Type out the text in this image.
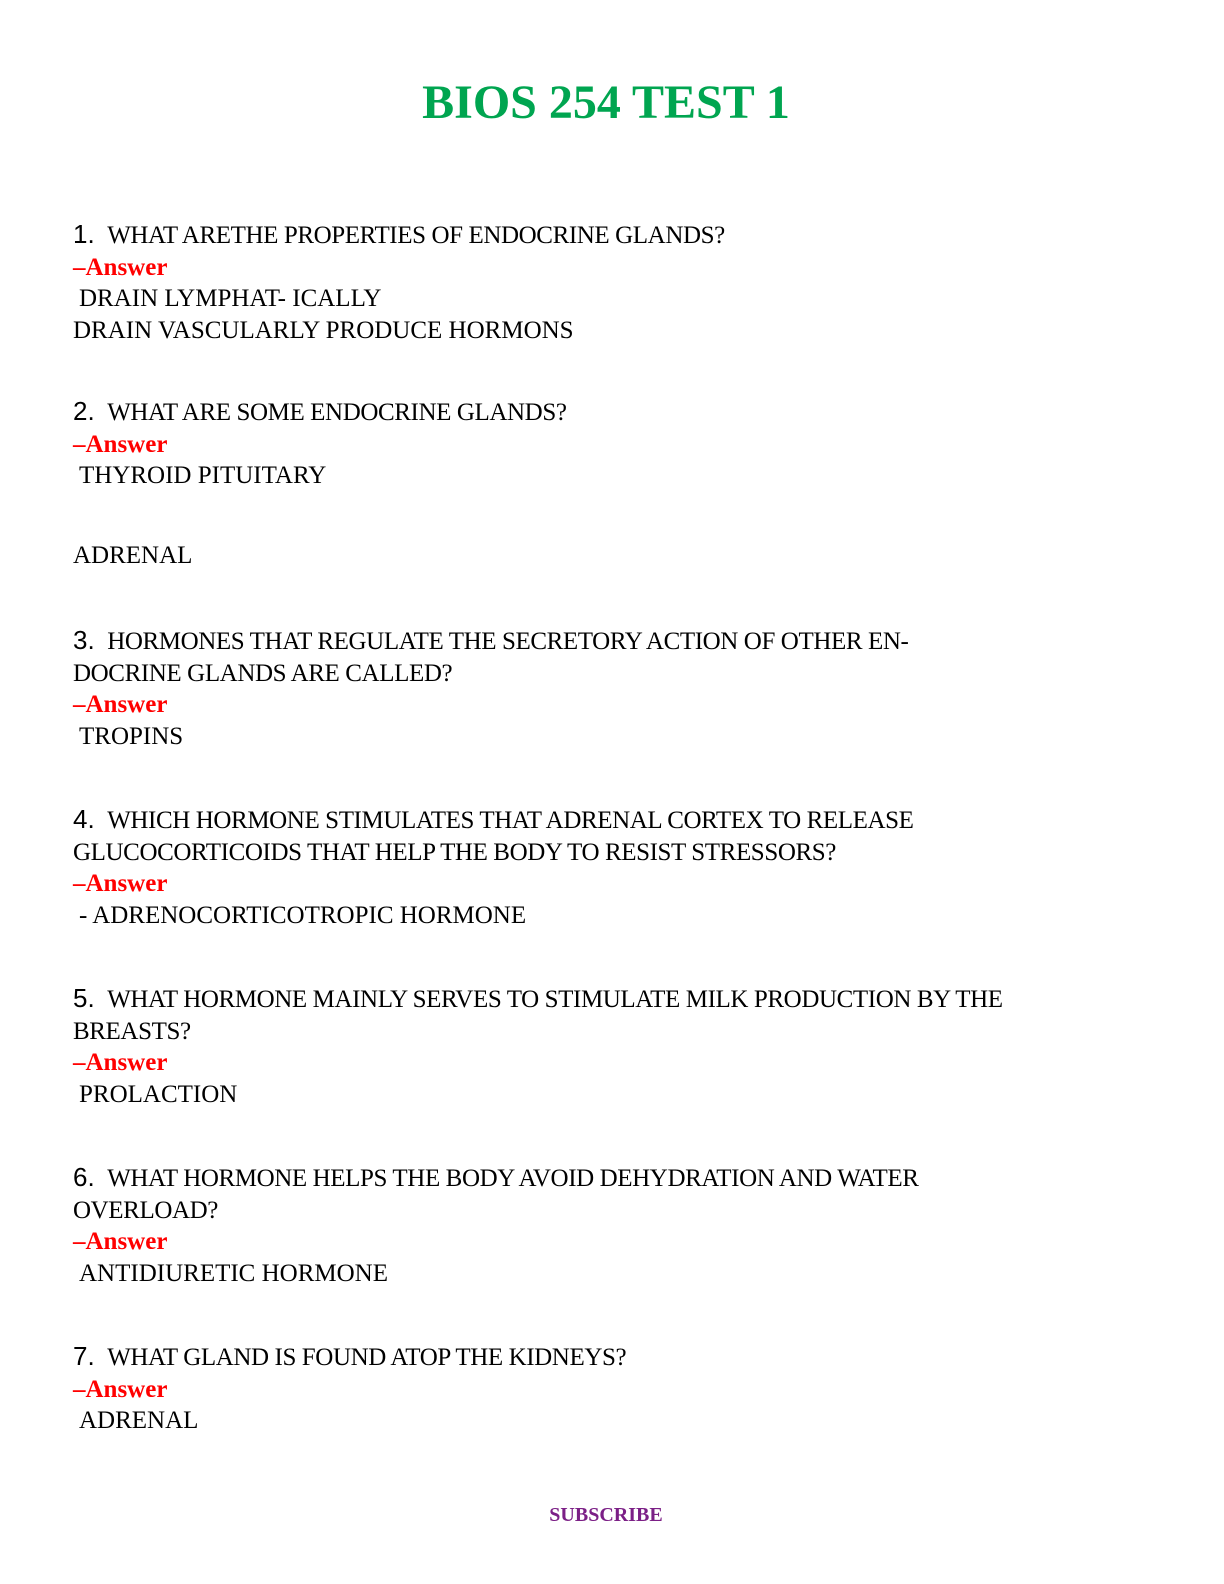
BIOS 254 TEST 1

1. WHAT ARETHE PROPERTIES OF ENDOCRINE GLANDS?

–Answer

DRAIN LYMPHAT- ICALLY

DRAIN VASCULARLY PRODUCE HORMONS

2. WHAT ARE SOME ENDOCRINE GLANDS?

–Answer

THYROID PITUITARY

ADRENAL

3. HORMONES THAT REGULATE THE SECRETORY ACTION OF OTHER EN-

DOCRINE GLANDS ARE CALLED?

–Answer

TROPINS

4. WHICH HORMONE STIMULATES THAT ADRENAL CORTEX TO RELEASE

GLUCOCORTICOIDS THAT HELP THE BODY TO RESIST STRESSORS?

–Answer

- ADRENOCORTICOTROPIC HORMONE

5. WHAT HORMONE MAINLY SERVES TO STIMULATE MILK PRODUCTION BY THE

BREASTS?

–Answer

PROLACTION

6. WHAT HORMONE HELPS THE BODY AVOID DEHYDRATION AND WATER

OVERLOAD?

–Answer

ANTIDIURETIC HORMONE

7. WHAT GLAND IS FOUND ATOP THE KIDNEYS?

–Answer

ADRENAL

SUBSCRIBE
